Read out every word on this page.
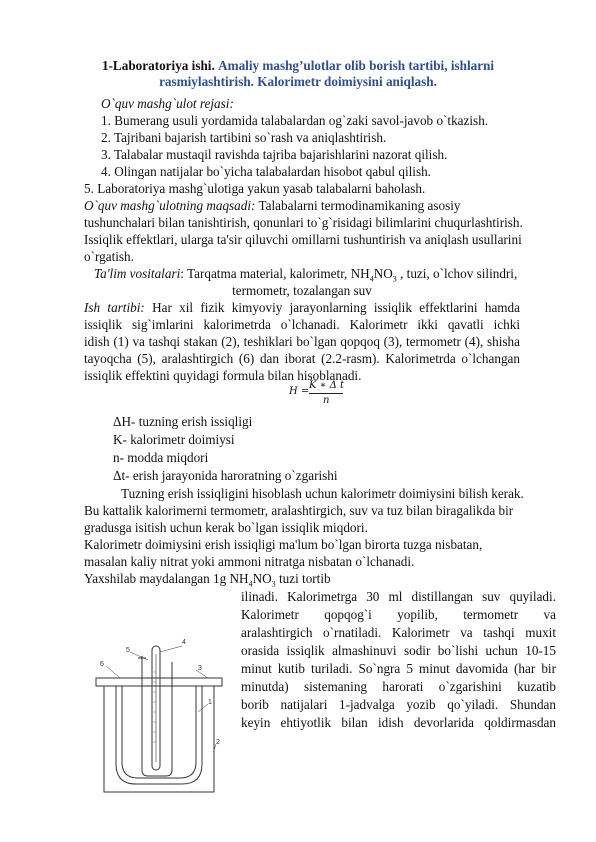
1-Laboratoriya ishi. Amaliy mashg’ulotlar olib borish tartibi, ishlarni
rasmiylashtirish. Kalorimetr doimiysini aniqlash.
O`quv mashg`ulot rejasi:
1. Bumerang usuli yordamida talabalardan og`zaki savol-javob o`tkazish.
2. Tajribani bajarish tartibini so`rash va aniqlashtirish.
3. Talabalar mustaqil ravishda tajriba bajarishlarini nazorat qilish.
4. Olingan natijalar bo`yicha talabalardan hisobot qabul qilish.
5. Laboratoriya mashg`ulotiga yakun yasab talabalarni baholash.
O`quv mashg`ulotning maqsadi: Talabalarni termodinamikaning asosiy
tushunchalari bilan tanishtirish, qonunlari to`g`risidagi bilimlarini chuqurlashtirish.
Issiqlik effektlari, ularga ta'sir qiluvchi omillarni tushuntirish va aniqlash usullarini
o`rgatish.
Ta'lim vositalari: Tarqatma material, kalorimetr, $NH_4NO_3$ , tuzi, o`lchov silindri,
termometr, tozalangan suv
Ish tartibi: Har xil fizik kimyoviy jarayonlarning issiqlik effektlarini hamda
issiqlik sig`imlarini kalorimetrda o`lchanadi. Kalorimetr ikki qavatli ichki
idish (1) va tashqi stakan (2), teshiklari bo`lgan qopqoq (3), termometr (4), shisha
tayoqcha (5), aralashtirgich (6) dan iborat (2.2-rasm). Kalorimetrda o`lchangan
issiqlik effektini quyidagi formula bilan hisoblanadi.
H =
K ∗ Δ t
n
ΔH- tuzning erish issiqligi
K- kalorimetr doimiysi
n- modda miqdori
Δt- erish jarayonida haroratning o`zgarishi
Tuzning erish issiqligini hisoblash uchun kalorimetr doimiysini bilish kerak.
Bu kattalik kalorimerni termometr, aralashtirgich, suv va tuz bilan biragalikda bir
gradusga isitish uchun kerak bo`lgan issiqlik miqdori.
Kalorimetr doimiysini erish issiqligi ma'lum bo`lgan birorta tuzga nisbatan,
masalan kaliy nitrat yoki ammoni nitratga nisbatan o`lchanadi.
Yaxshilab maydalangan 1g $NH_4NO_3$ tuzi tortib
ilinadi. Kalorimetrga 30 ml distillangan suv quyiladi.
Kalorimetr qopqog`i yopilib, termometr va
aralashtirgich o`rnatiladi. Kalorimetr va tashqi muxit
orasida issiqlik almashinuvi sodir bo`lishi uchun 10-15
minut kutib turiladi. So`ngra 5 minut davomida (har bir
minutda) sistemaning harorati o`zgarishini kuzatib
borib natijalari 1-jadvalga yozib qo`yiladi. Shundan
keyin ehtiyotlik bilan idish devorlarida qoldirmasdan
5
4
6
3
1
2
